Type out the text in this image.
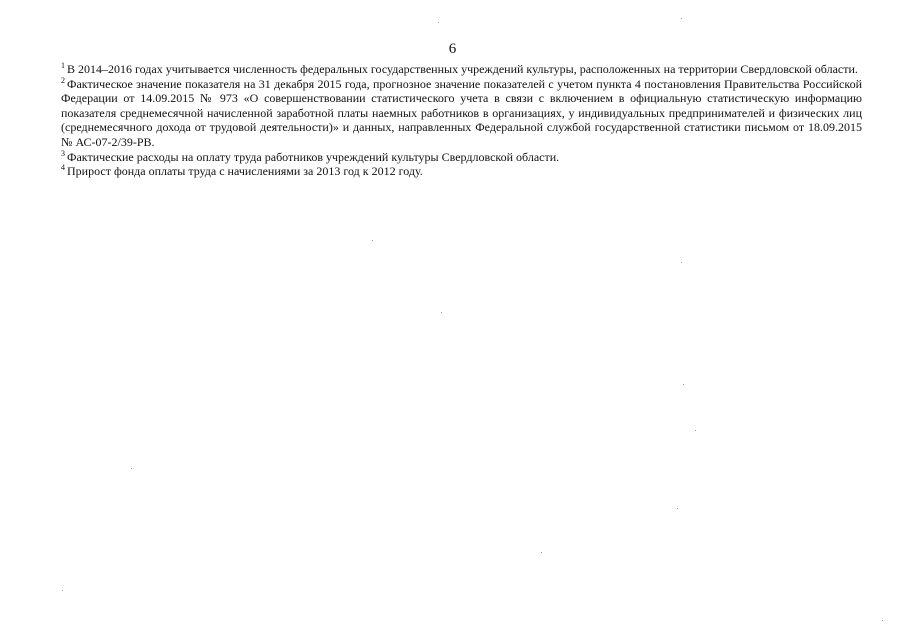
6

$^1$ В 2014–2016 годах учитывается численность федеральных государственных учреждений культуры, расположенных на территории Свердловской области.

$^2$ Фактическое значение показателя на 31 декабря 2015 года, прогнозное значение показателей с учетом пункта 4 постановления Правительства Российской Федерации от 14.09.2015 № 973 «О совершенствовании статистического учета в связи с включением в официальную статистическую информацию показателя среднемесячной начисленной заработной платы наемных работников в организациях, у индивидуальных предпринимателей и физических лиц (среднемесячного дохода от трудовой деятельности)» и данных, направленных Федеральной службой государственной статистики письмом от 18.09.2015 № АС-07-2/39-РВ.

$^3$ Фактические расходы на оплату труда работников учреждений культуры Свердловской области.

$^4$ Прирост фонда оплаты труда с начислениями за 2013 год к 2012 году.
